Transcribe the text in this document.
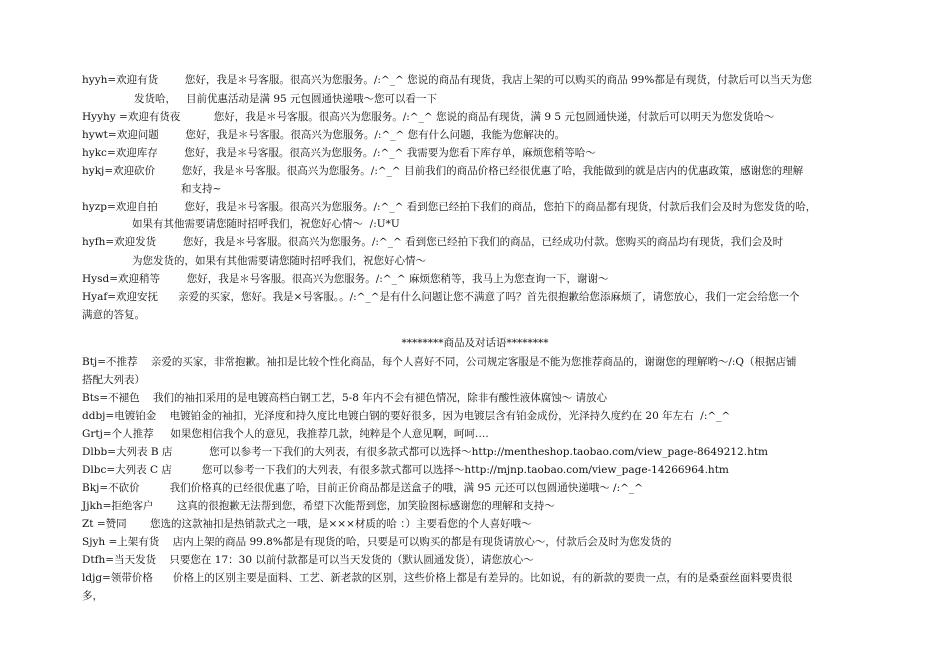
hyyh=欢迎有货        您好，我是＊号客服。很高兴为您服务。/:^_^ 您说的商品有现货，我店上架的可以购买的商品 99%都是有现货，付款后可以当天为您
发货哈，   目前优惠活动是满 95 元包圆通快递哦～您可以看一下
Hyyhy =欢迎有货夜          您好，我是＊号客服。很高兴为您服务。/:^_^ 您说的商品有现货，满 9 5 元包圆通快递，付款后可以明天为您发货哈～
hywt=欢迎问题        您好，我是＊号客服。很高兴为您服务。/:^_^ 您有什么问题，我能为您解决的。
hykc=欢迎库存        您好，我是＊号客服。很高兴为您服务。/:^_^ 我需要为您看下库存单，麻烦您稍等哈～
hykj=欢迎砍价        您好，我是＊号客服。很高兴为您服务。/:^_^ 目前我们的商品价格已经很优惠了哈，我能做到的就是店内的优惠政策，感谢您的理解
和支持~
hyzp=欢迎自拍        您好，我是＊号客服。很高兴为您服务。/:^_^ 看到您已经拍下我们的商品，您拍下的商品都有现货，付款后我们会及时为您发货的哈，
如果有其他需要请您随时招呼我们，祝您好心情～  /:U*U
hyfh=欢迎发货        您好，我是＊号客服。很高兴为您服务。/:^_^ 看到您已经拍下我们的商品，已经成功付款。您购买的商品均有现货，我们会及时
为您发货的，如果有其他需要请您随时招呼我们，祝您好心情～
Hysd=欢迎稍等        您好，我是＊号客服。很高兴为您服务。/:^_^ 麻烦您稍等，我马上为您查询一下，谢谢～
Hyaf=欢迎安抚      亲爱的买家，您好。我是×号客服。。/:^_^是有什么问题让您不满意了吗？首先很抱歉给您添麻烦了，请您放心，我们一定会给您一个
满意的答复。
********商品及对话语********
Btj=不推荐    亲爱的买家，非常抱歉。袖扣是比较个性化商品，每个人喜好不同，公司规定客服是不能为您推荐商品的，谢谢您的理解哟～/:Q（根据店铺
搭配大列表）
Bts=不褪色    我们的袖扣采用的是电镀高档白钢工艺，5-8 年内不会有褪色情况，除非有酸性液体腐蚀～ 请放心
ddbj=电镀铂金    电镀铂金的袖扣，光泽度和持久度比电镀白钢的要好很多，因为电镀层含有铂金成份，光泽持久度约在 20 年左右  /:^_^
Grtj=个人推荐     如果您相信我个人的意见，我推荐几款，纯粹是个人意见啊，呵呵….
Dlbb=大列表 B 店           您可以参考一下我们的大列表，有很多款式都可以选择～http://mentheshop.taobao.com/view_page-8649212.htm
Dlbc=大列表 C 店         您可以参考一下我们的大列表，有很多款式都可以选择～http://mjnp.taobao.com/view_page-14266964.htm
Bkj=不砍价         我们价格真的已经很优惠了哈，目前正价商品都是送盒子的哦，满 95 元还可以包圆通快递哦～ /:^_^
Jjkh=拒绝客户       这真的很抱歉无法帮到您，希望下次能帮到您，加笑脸图标感谢您的理解和支持～
Zt =赞同       您选的这款袖扣是热销款式之一哦，是×××材质的哈 ：）主要看您的个人喜好哦～
Sjyh =上架有货    店内上架的商品 99.8%都是有现货的哈，只要是可以购买的都是有现货请放心～，付款后会及时为您发货的
Dtfh=当天发货    只要您在 17：30 以前付款都是可以当天发货的（默认圆通发货），请您放心～
ldjg=领带价格      价格上的区别主要是面料、工艺、新老款的区别，这些价格上都是有差异的。比如说，有的新款的要贵一点，有的是桑蚕丝面料要贵很
多，
